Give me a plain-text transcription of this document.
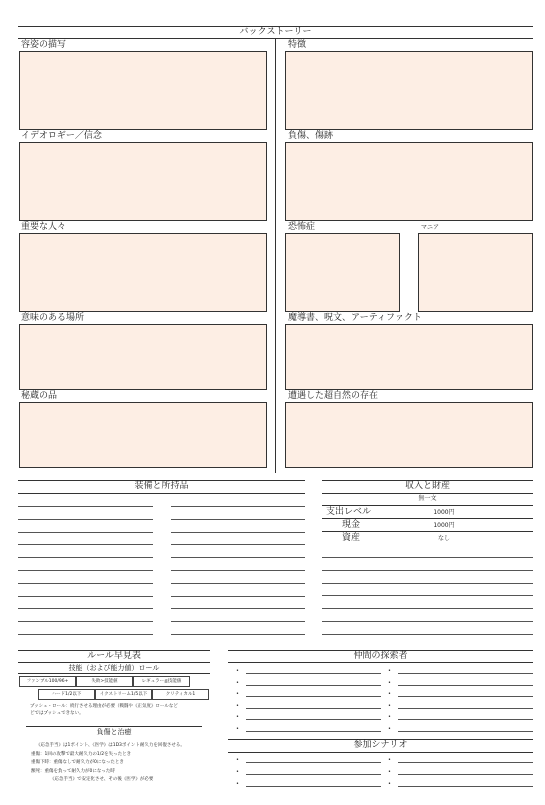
バックストーリー
容姿の描写	特徴
イデオロギー／信念	負傷、傷跡
重要な人々	恐怖症	マニア
意味のある場所	魔導書、呪文、アーティファクト
秘蔵の品	遭遇した超自然の存在
装備と所持品	収入と財産
無一文
支出レベル	1000円
現金	1000円
資産	なし
ルール早見表
技能（および能力値）ロール
ファンブル100/96+	失敗>技能値	レギュラー≦技能値
ハード1/2以下	イクストリーム1/5以下	クリティカル1
プッシュ・ロール：続行させる理由が必要（戦闘や《正気度》ロールなど
どではプッシュできない。
負傷と治癒
《応急手当》は1ポイント、《医学》は1D3ポイント耐久力を回復させる。
重傷：1回の攻撃で最大耐久力の1/2を失ったとき
重傷下時：重傷なしで耐久力が0になったとき
瀕死：重傷を負って耐久力が0になった時
《応急手当》で安定化させ、その後《医学》が必要
仲間の探索者
•	•
•	•
•	•
•	•
•	•
•	•
参加シナリオ
•	•
•	•
•	•
